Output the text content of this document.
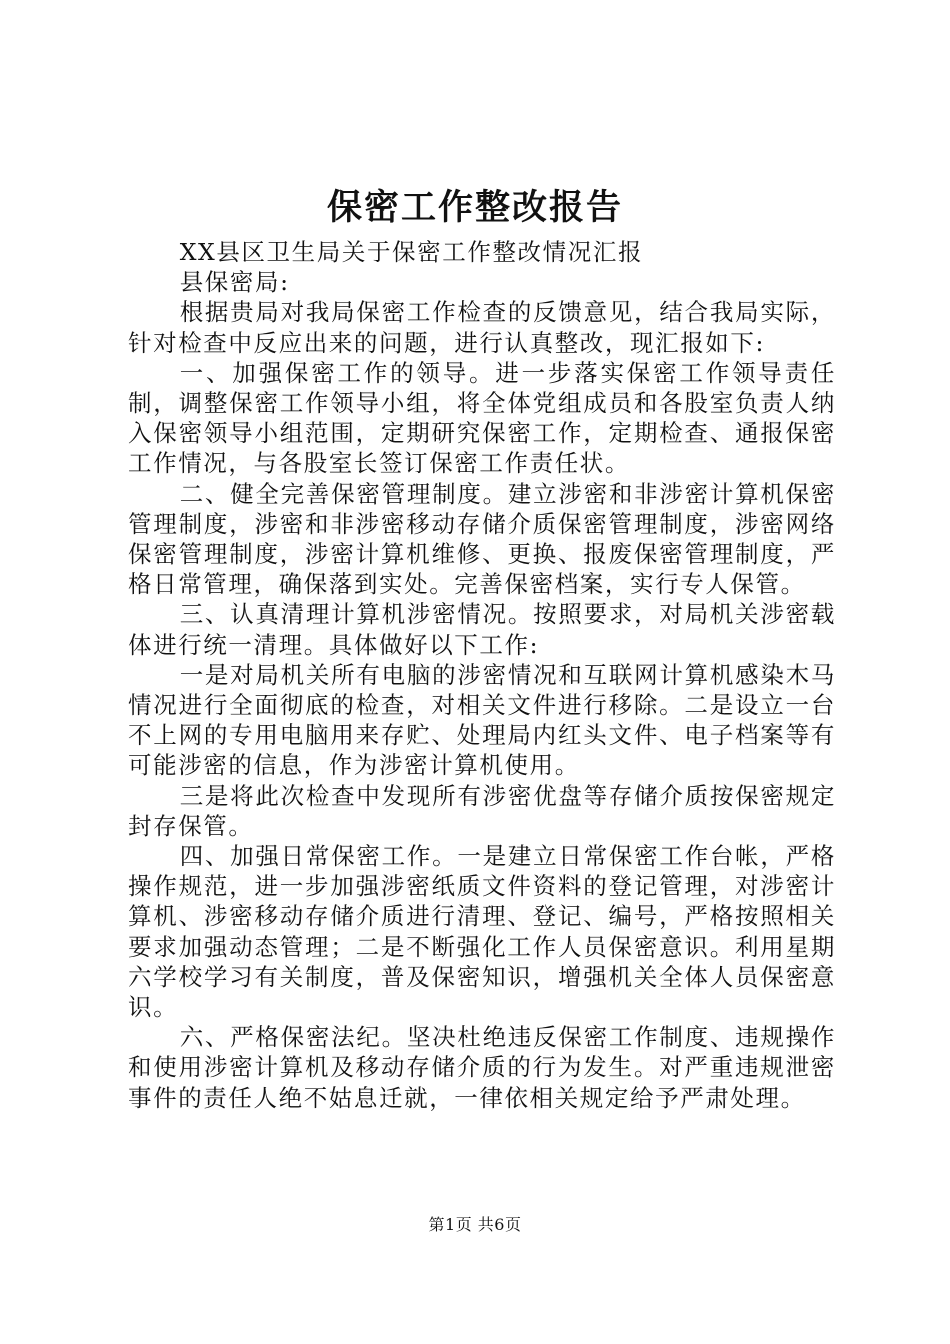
保密工作整改报告

XX县区卫生局关于保密工作整改情况汇报

县保密局:

根据贵局对我局保密工作检查的反馈意见，结合我局实际，针对检查中反应出来的问题，进行认真整改，现汇报如下:

一、加强保密工作的领导。进一步落实保密工作领导责任制，调整保密工作领导小组，将全体党组成员和各股室负责人纳入保密领导小组范围，定期研究保密工作，定期检查、通报保密工作情况，与各股室长签订保密工作责任状。

二、健全完善保密管理制度。建立涉密和非涉密计算机保密管理制度，涉密和非涉密移动存储介质保密管理制度，涉密网络保密管理制度，涉密计算机维修、更换、报废保密管理制度，严格日常管理，确保落到实处。完善保密档案，实行专人保管。

三、认真清理计算机涉密情况。按照要求，对局机关涉密载体进行统一清理。具体做好以下工作:

一是对局机关所有电脑的涉密情况和互联网计算机感染木马情况进行全面彻底的检查，对相关文件进行移除。二是设立一台不上网的专用电脑用来存贮、处理局内红头文件、电子档案等有可能涉密的信息，作为涉密计算机使用。

三是将此次检查中发现所有涉密优盘等存储介质按保密规定封存保管。

四、加强日常保密工作。一是建立日常保密工作台帐，严格操作规范，进一步加强涉密纸质文件资料的登记管理，对涉密计算机、涉密移动存储介质进行清理、登记、编号，严格按照相关要求加强动态管理；二是不断强化工作人员保密意识。利用星期六学校学习有关制度，普及保密知识，增强机关全体人员保密意识。

六、严格保密法纪。坚决杜绝违反保密工作制度、违规操作和使用涉密计算机及移动存储介质的行为发生。对严重违规泄密事件的责任人绝不姑息迁就，一律依相关规定给予严肃处理。

第1页 共6页
